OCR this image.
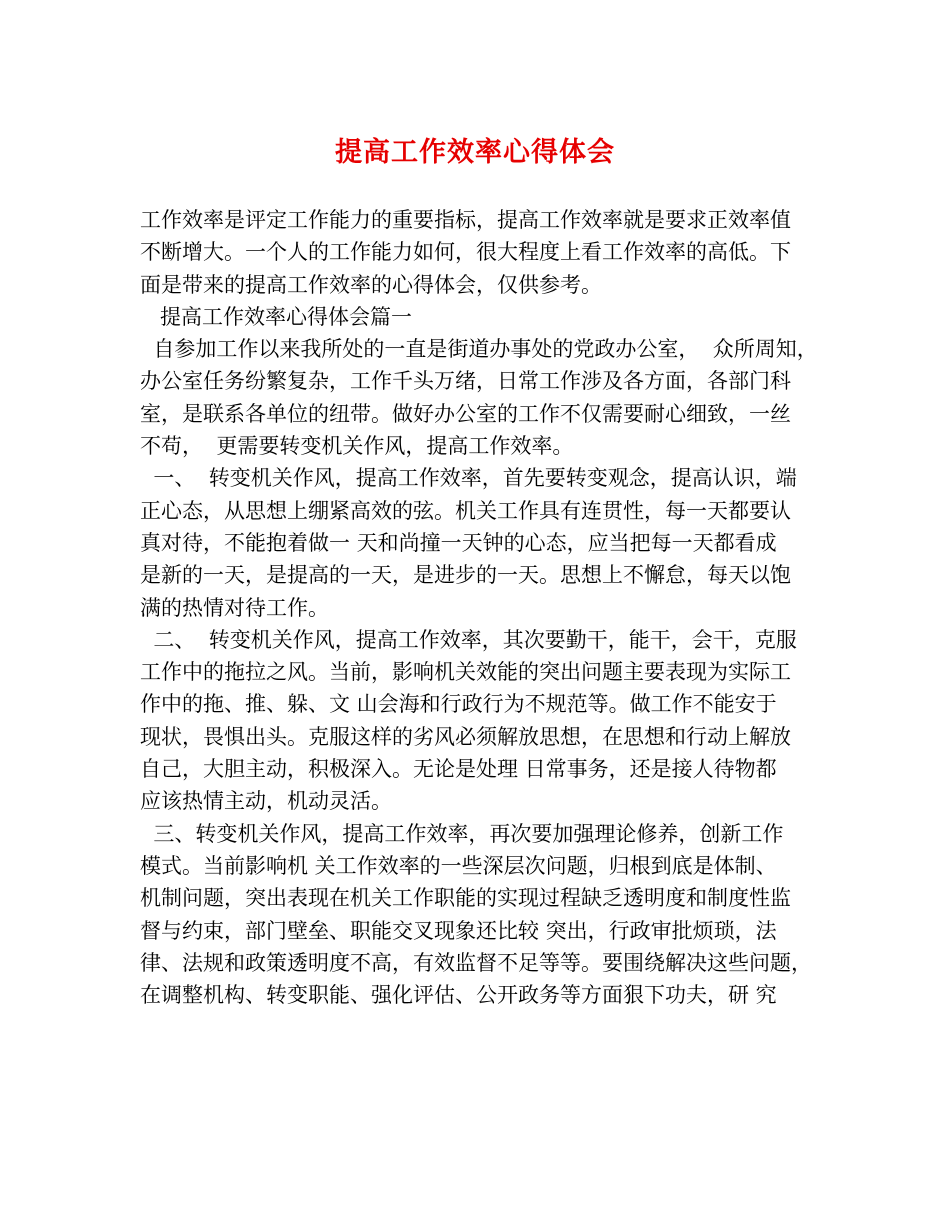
提高工作效率心得体会
工作效率是评定工作能力的重要指标，提高工作效率就是要求正效率值
不断增大。一个人的工作能力如何，很大程度上看工作效率的高低。下
面是带来的提高工作效率的心得体会，仅供参考。
提高工作效率心得体会篇一
自参加工作以来我所处的一直是街道办事处的党政办公室，  众所周知，
办公室任务纷繁复杂，工作千头万绪，日常工作涉及各方面，各部门科
室，是联系各单位的纽带。做好办公室的工作不仅需要耐心细致，一丝
不苟，  更需要转变机关作风，提高工作效率。
一、  转变机关作风，提高工作效率，首先要转变观念，提高认识，端
正心态，从思想上绷紧高效的弦。机关工作具有连贯性，每一天都要认
真对待，不能抱着做一 天和尚撞一天钟的心态，应当把每一天都看成
是新的一天，是提高的一天，是进步的一天。思想上不懈怠，每天以饱
满的热情对待工作。
二、  转变机关作风，提高工作效率，其次要勤干，能干，会干，克服
工作中的拖拉之风。当前，影响机关效能的突出问题主要表现为实际工
作中的拖、推、躲、文 山会海和行政行为不规范等。做工作不能安于
现状，畏惧出头。克服这样的劣风必须解放思想，在思想和行动上解放
自己，大胆主动，积极深入。无论是处理 日常事务，还是接人待物都
应该热情主动，机动灵活。
三、转变机关作风，提高工作效率，再次要加强理论修养，创新工作
模式。当前影响机 关工作效率的一些深层次问题，归根到底是体制、
机制问题，突出表现在机关工作职能的实现过程缺乏透明度和制度性监
督与约束，部门壁垒、职能交叉现象还比较 突出，行政审批烦琐，法
律、法规和政策透明度不高，有效监督不足等等。要围绕解决这些问题，
在调整机构、转变职能、强化评估、公开政务等方面狠下功夫，研 究
